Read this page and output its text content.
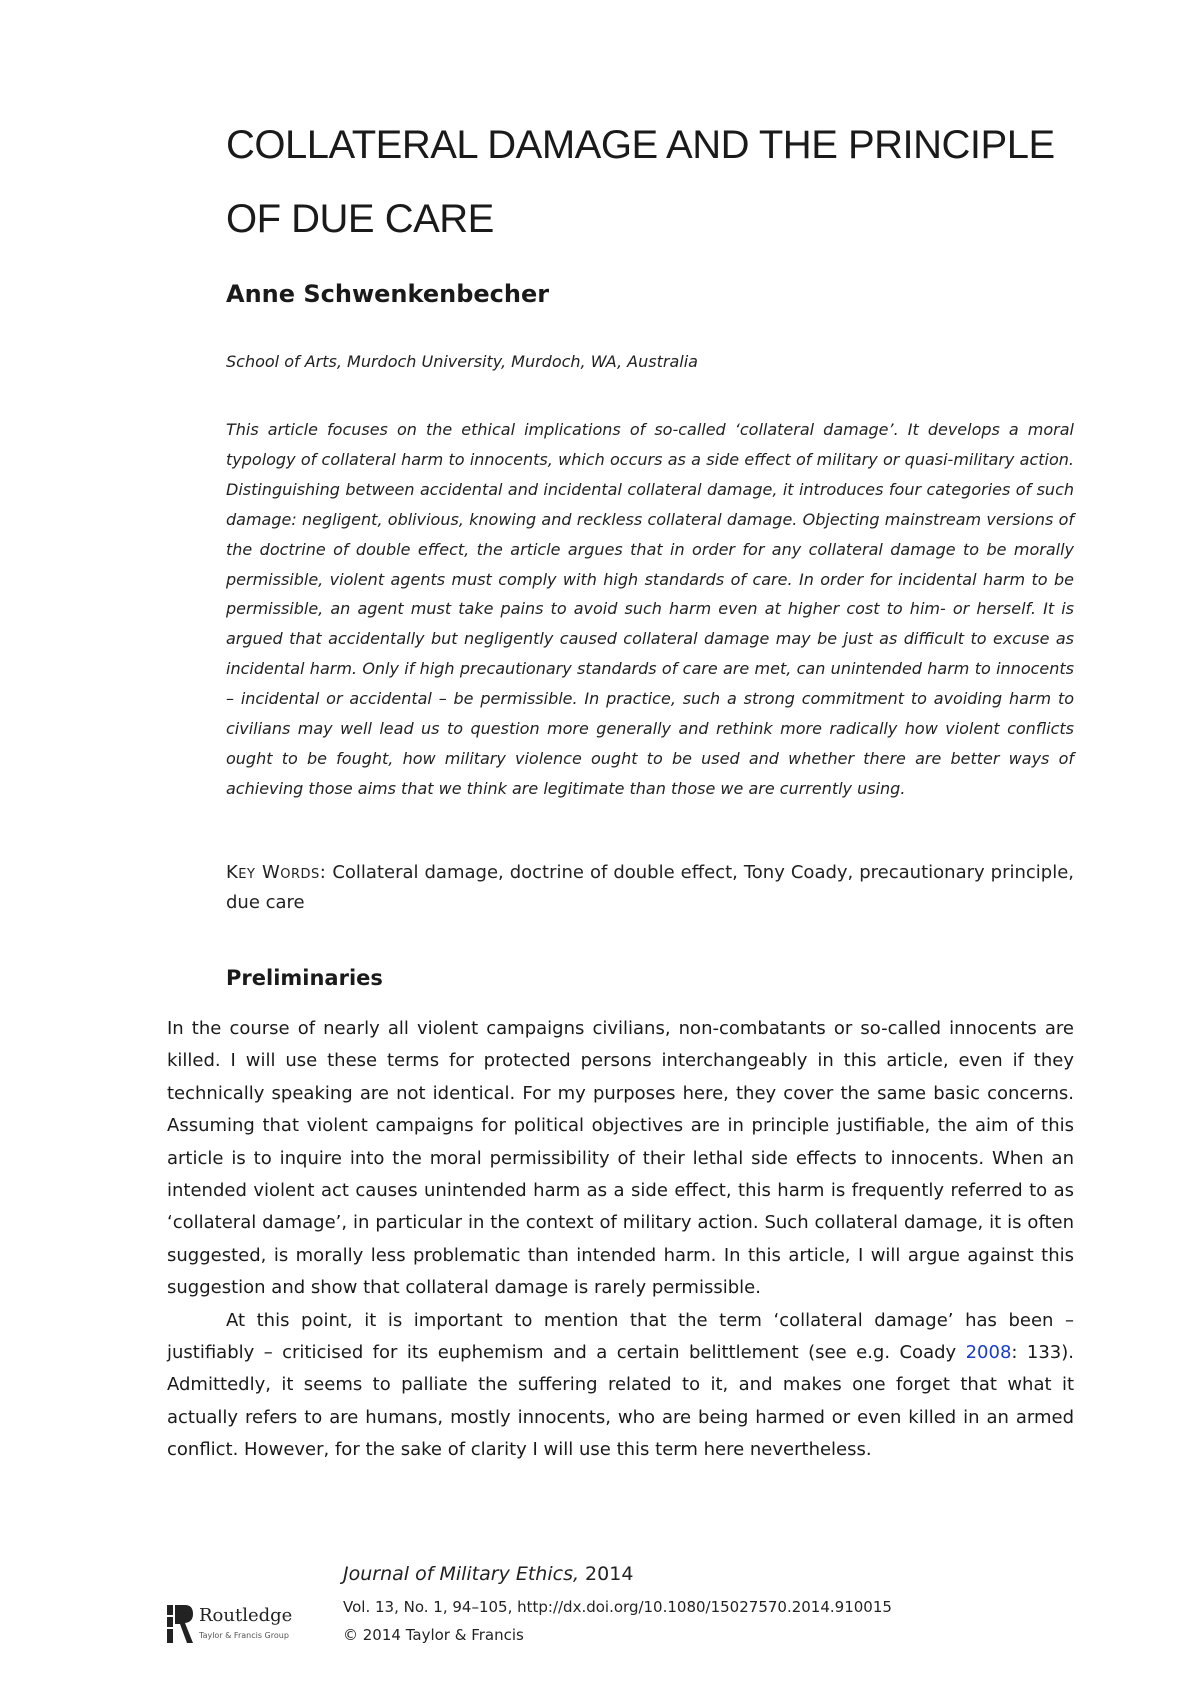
COLLATERAL DAMAGE AND THE PRINCIPLE OF DUE CARE
Anne Schwenkenbecher
School of Arts, Murdoch University, Murdoch, WA, Australia

This article focuses on the ethical implications of so-called ‘collateral damage’. It develops a moral typology of collateral harm to innocents, which occurs as a side effect of military or quasi-military action. Distinguishing between accidental and incidental collateral damage, it introduces four categories of such damage: negligent, oblivious, knowing and reckless collateral damage. Objecting mainstream versions of the doctrine of double effect, the article argues that in order for any collateral damage to be morally permissible, violent agents must comply with high standards of care. In order for incidental harm to be permissible, an agent must take pains to avoid such harm even at higher cost to him- or herself. It is argued that accidentally but negligently caused collateral damage may be just as difficult to excuse as incidental harm. Only if high precautionary standards of care are met, can unintended harm to innocents – incidental or accidental – be permissible. In practice, such a strong commitment to avoiding harm to civilians may well lead us to question more generally and rethink more radically how violent conflicts ought to be fought, how military violence ought to be used and whether there are better ways of achieving those aims that we think are legitimate than those we are currently using.

Key Words: Collateral damage, doctrine of double effect, Tony Coady, precautionary principle, due care

Preliminaries

In the course of nearly all violent campaigns civilians, non-combatants or so-called innocents are killed. I will use these terms for protected persons interchangeably in this article, even if they technically speaking are not identical. For my purposes here, they cover the same basic concerns. Assuming that violent campaigns for political objectives are in principle justifiable, the aim of this article is to inquire into the moral permissibility of their lethal side effects to innocents. When an intended violent act causes unintended harm as a side effect, this harm is frequently referred to as ‘collateral damage’, in particular in the context of military action. Such collateral damage, it is often suggested, is morally less problematic than intended harm. In this article, I will argue against this suggestion and show that collateral damage is rarely permissible.

At this point, it is important to mention that the term ‘collateral damage’ has been – justifiably – criticised for its euphemism and a certain belittlement (see e.g. Coady 2008: 133). Admittedly, it seems to palliate the suffering related to it, and makes one forget that what it actually refers to are humans, mostly innocents, who are being harmed or even killed in an armed conflict. However, for the sake of clarity I will use this term here nevertheless.

Routledge
Taylor & Francis Group
Journal of Military Ethics, 2014
Vol. 13, No. 1, 94–105, http://dx.doi.org/10.1080/15027570.2014.910015
© 2014 Taylor & Francis
